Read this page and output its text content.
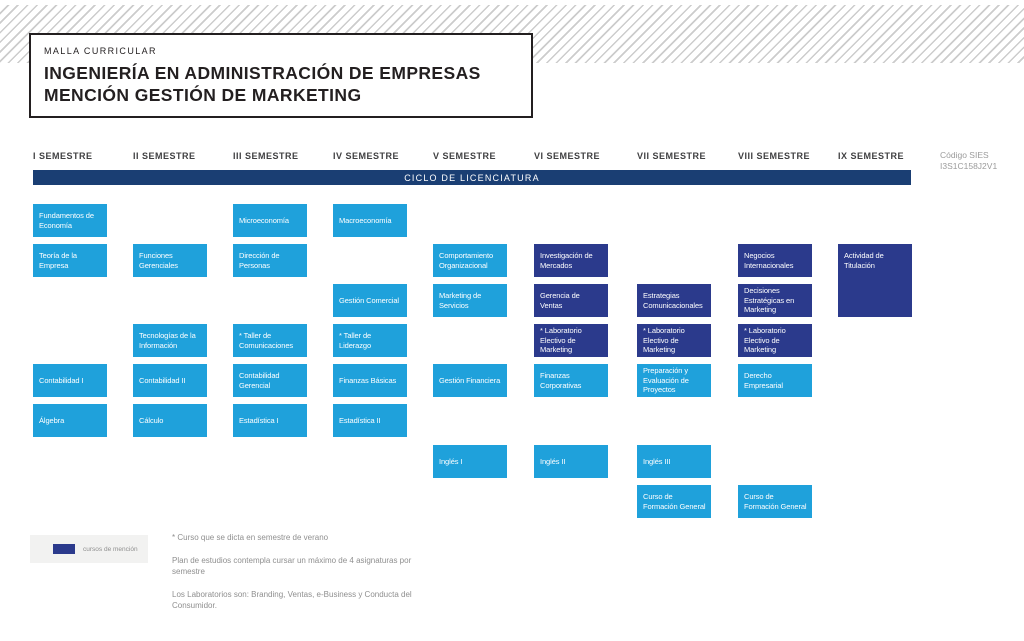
MALLA CURRICULAR
INGENIERÍA EN ADMINISTRACIÓN DE EMPRESAS
MENCIÓN GESTIÓN DE MARKETING
Código SIES
I3S1C158J2V1
CICLO DE LICENCIATURA
I SEMESTRE
Fundamentos de Economía
Teoría de la Empresa
Contabilidad I
Álgebra
II SEMESTRE
Funciones Gerenciales
Tecnologías de la Información
Contabilidad II
Cálculo
III SEMESTRE
Microeconomía
Dirección de Personas
* Taller de Comunicaciones
Contabilidad Gerencial
Estadística I
IV SEMESTRE
Macroeconomía
Gestión Comercial
* Taller de Liderazgo
Finanzas Básicas
Estadística II
V SEMESTRE
Comportamiento Organizacional
Marketing de Servicios
Gestión Financiera
Inglés I
VI SEMESTRE
Investigación de Mercados
Gerencia de Ventas
* Laboratorio Electivo de Marketing
Finanzas Corporativas
Inglés II
VII SEMESTRE
Estrategias Comunicacionales
* Laboratorio Electivo de Marketing
Preparación y Evaluación de Proyectos
Inglés III
Curso de Formación General
VIII SEMESTRE
Negocios Internacionales
Decisiones Estratégicas en Marketing
* Laboratorio Electivo de Marketing
Derecho Empresarial
Curso de Formación General
IX SEMESTRE
Actividad de Titulación
cursos de mención

* Curso que se dicta en semestre de verano

Plan de estudios contempla cursar un máximo de 4 asignaturas por semestre

Los Laboratorios son: Branding, Ventas, e-Business y Conducta del Consumidor.
